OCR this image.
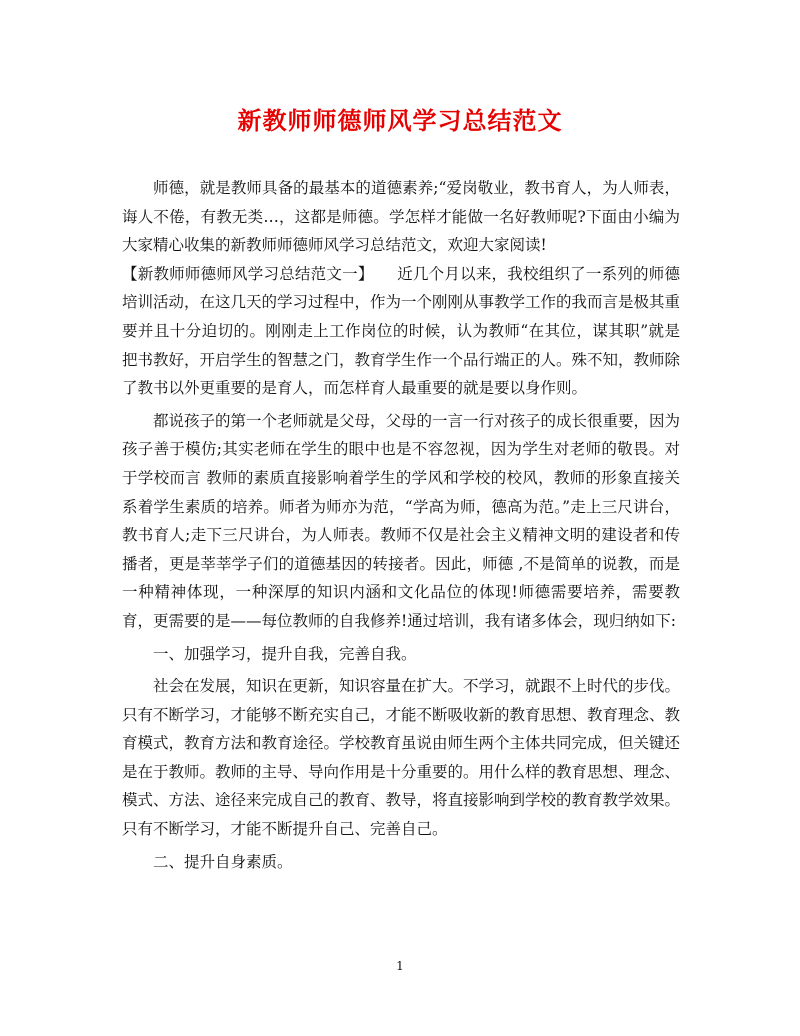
新教师师德师风学习总结范文

师德，就是教师具备的最基本的道德素养;“爱岗敬业，教书育人，为人师表，诲人不倦，有教无类…，这都是师德。学怎样才能做一名好教师呢?下面由小编为大家精心收集的新教师师德师风学习总结范文，欢迎大家阅读!

【新教师师德师风学习总结范文一】　　近几个月以来，我校组织了一系列的师德培训活动，在这几天的学习过程中，作为一个刚刚从事教学工作的我而言是极其重要并且十分迫切的。刚刚走上工作岗位的时候，认为教师“在其位，谋其职”就是把书教好，开启学生的智慧之门，教育学生作一个品行端正的人。殊不知，教师除了教书以外更重要的是育人，而怎样育人最重要的就是要以身作则。

都说孩子的第一个老师就是父母，父母的一言一行对孩子的成长很重要，因为孩子善于模仿;其实老师在学生的眼中也是不容忽视，因为学生对老师的敬畏。对于学校而言 教师的素质直接影响着学生的学风和学校的校风，教师的形象直接关系着学生素质的培养。师者为师亦为范，“学高为师，德高为范。”走上三尺讲台，教书育人;走下三尺讲台，为人师表。教师不仅是社会主义精神文明的建设者和传播者，更是莘莘学子们的道德基因的转接者。因此，师德 ,不是简单的说教，而是一种精神体现，一种深厚的知识内涵和文化品位的体现!师德需要培养，需要教育，更需要的是——每位教师的自我修养!通过培训，我有诸多体会，现归纳如下:

一、加强学习，提升自我，完善自我。

社会在发展，知识在更新，知识容量在扩大。不学习，就跟不上时代的步伐。只有不断学习，才能够不断充实自己，才能不断吸收新的教育思想、教育理念、教育模式，教育方法和教育途径。学校教育虽说由师生两个主体共同完成，但关键还是在于教师。教师的主导、导向作用是十分重要的。用什么样的教育思想、理念、模式、方法、途径来完成自己的教育、教导，将直接影响到学校的教育教学效果。只有不断学习，才能不断提升自己、完善自己。

二、提升自身素质。

1
